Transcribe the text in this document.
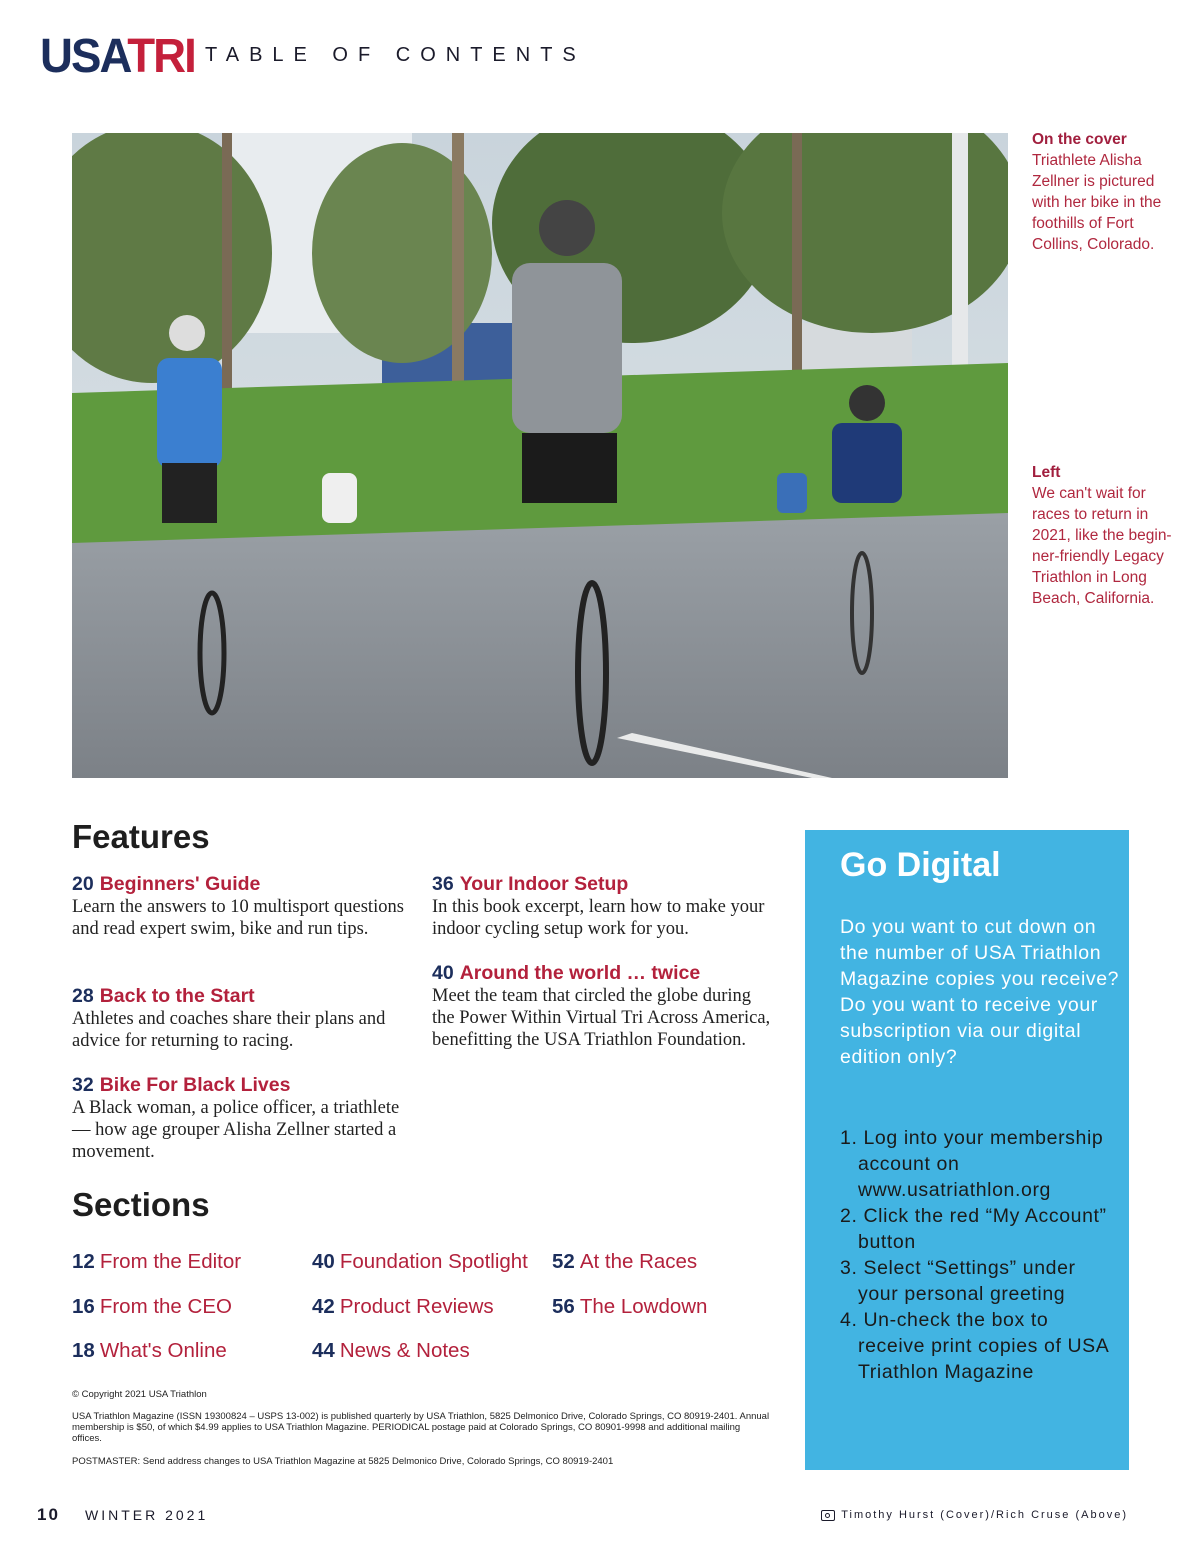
USATRI TABLE OF CONTENTS
On the cover
Triathlete Alisha Zellner is pictured with her bike in the foothills of Fort Collins, Colorado.
Left
We can't wait for races to return in 2021, like the begin-ner-friendly Legacy Triathlon in Long Beach, California.
Features
20 Beginners' Guide
Learn the answers to 10 multisport questions and read expert swim, bike and run tips.
28 Back to the Start
Athletes and coaches share their plans and advice for returning to racing.
32 Bike For Black Lives
A Black woman, a police officer, a triathlete — how age grouper Alisha Zellner started a movement.
36 Your Indoor Setup
In this book excerpt, learn how to make your indoor cycling setup work for you.
40 Around the world … twice
Meet the team that circled the globe during the Power Within Virtual Tri Across America, benefitting the USA Triathlon Foundation.
Sections
12 From the Editor
16 From the CEO
18 What's Online
40 Foundation Spotlight
42 Product Reviews
44 News & Notes
52 At the Races
56 The Lowdown
© Copyright 2021 USA Triathlon
USA Triathlon Magazine (ISSN 19300824 – USPS 13-002) is published quarterly by USA Triathlon, 5825 Delmonico Drive, Colorado Springs, CO 80919-2401. Annual membership is $50, of which $4.99 applies to USA Triathlon Magazine. PERIODICAL postage paid at Colorado Springs, CO 80901-9998 and additional mailing offices.
POSTMASTER: Send address changes to USA Triathlon Magazine at 5825 Delmonico Drive, Colorado Springs, CO 80919-2401
Go Digital
Do you want to cut down on the number of USA Triathlon Magazine copies you receive? Do you want to receive your subscription via our digital edition only?
1. Log into your membership account on www.usatriathlon.org
2. Click the red “My Account” button
3. Select “Settings” under your personal greeting
4. Un-check the box to receive print copies of USA Triathlon Magazine
10 WINTER 2021	Timothy Hurst (Cover)/Rich Cruse (Above)
